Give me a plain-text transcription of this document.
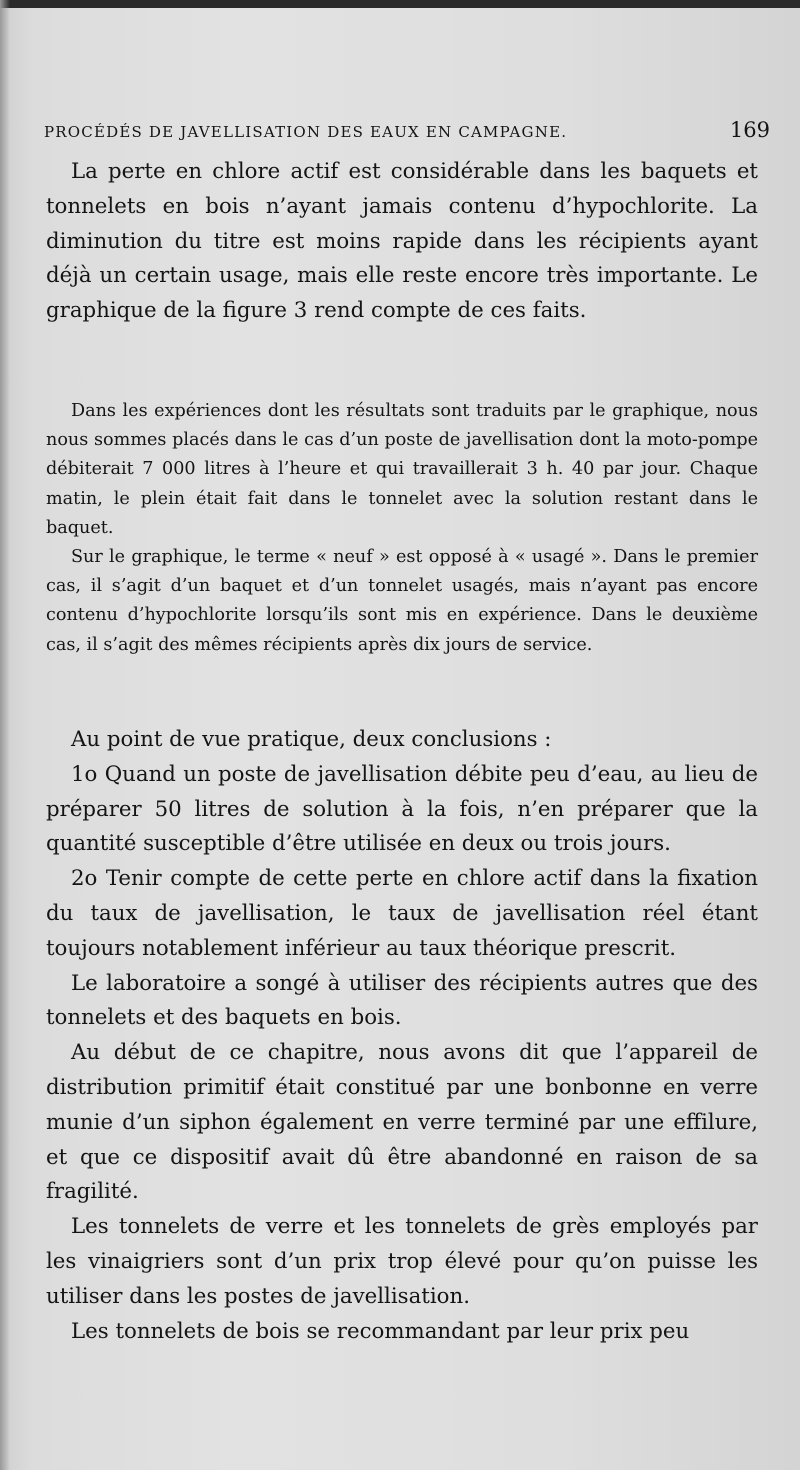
PROCÉDÉS DE JAVELLISATION DES EAUX EN CAMPAGNE.	169

La perte en chlore actif est considérable dans les baquets et tonnelets en bois n’ayant jamais contenu d’hypochlorite. La diminution du titre est moins rapide dans les récipients ayant déjà un certain usage, mais elle reste encore très importante. Le graphique de la figure 3 rend compte de ces faits.

Dans les expériences dont les résultats sont traduits par le graphique, nous nous sommes placés dans le cas d’un poste de javellisation dont la moto-pompe débiterait 7 000 litres à l’heure et qui travaillerait 3 h. 40 par jour. Chaque matin, le plein était fait dans le tonnelet avec la solution restant dans le baquet.

Sur le graphique, le terme « neuf » est opposé à « usagé ». Dans le premier cas, il s’agit d’un baquet et d’un tonnelet usagés, mais n’ayant pas encore contenu d’hypochlorite lorsqu’ils sont mis en expérience. Dans le deuxième cas, il s’agit des mêmes récipients après dix jours de service.

Au point de vue pratique, deux conclusions :

1o Quand un poste de javellisation débite peu d’eau, au lieu de préparer 50 litres de solution à la fois, n’en préparer que la quantité susceptible d’être utilisée en deux ou trois jours.

2o Tenir compte de cette perte en chlore actif dans la fixation du taux de javellisation, le taux de javellisation réel étant toujours notablement inférieur au taux théorique prescrit.

Le laboratoire a songé à utiliser des récipients autres que des tonnelets et des baquets en bois.

Au début de ce chapitre, nous avons dit que l’appareil de distribution primitif était constitué par une bonbonne en verre munie d’un siphon également en verre terminé par une effilure, et que ce dispositif avait dû être abandonné en raison de sa fragilité.

Les tonnelets de verre et les tonnelets de grès employés par les vinaigriers sont d’un prix trop élevé pour qu’on puisse les utiliser dans les postes de javellisation.

Les tonnelets de bois se recommandant par leur prix peu
